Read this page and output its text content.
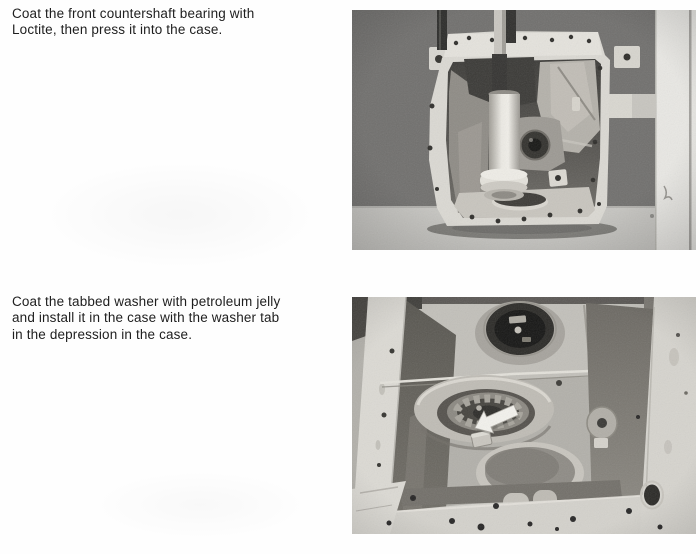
Coat the front countershaft bearing with
Loctite, then press it into the case.
Coat the tabbed washer with petroleum jelly
and install it in the case with the washer tab
in the depression in the case.
